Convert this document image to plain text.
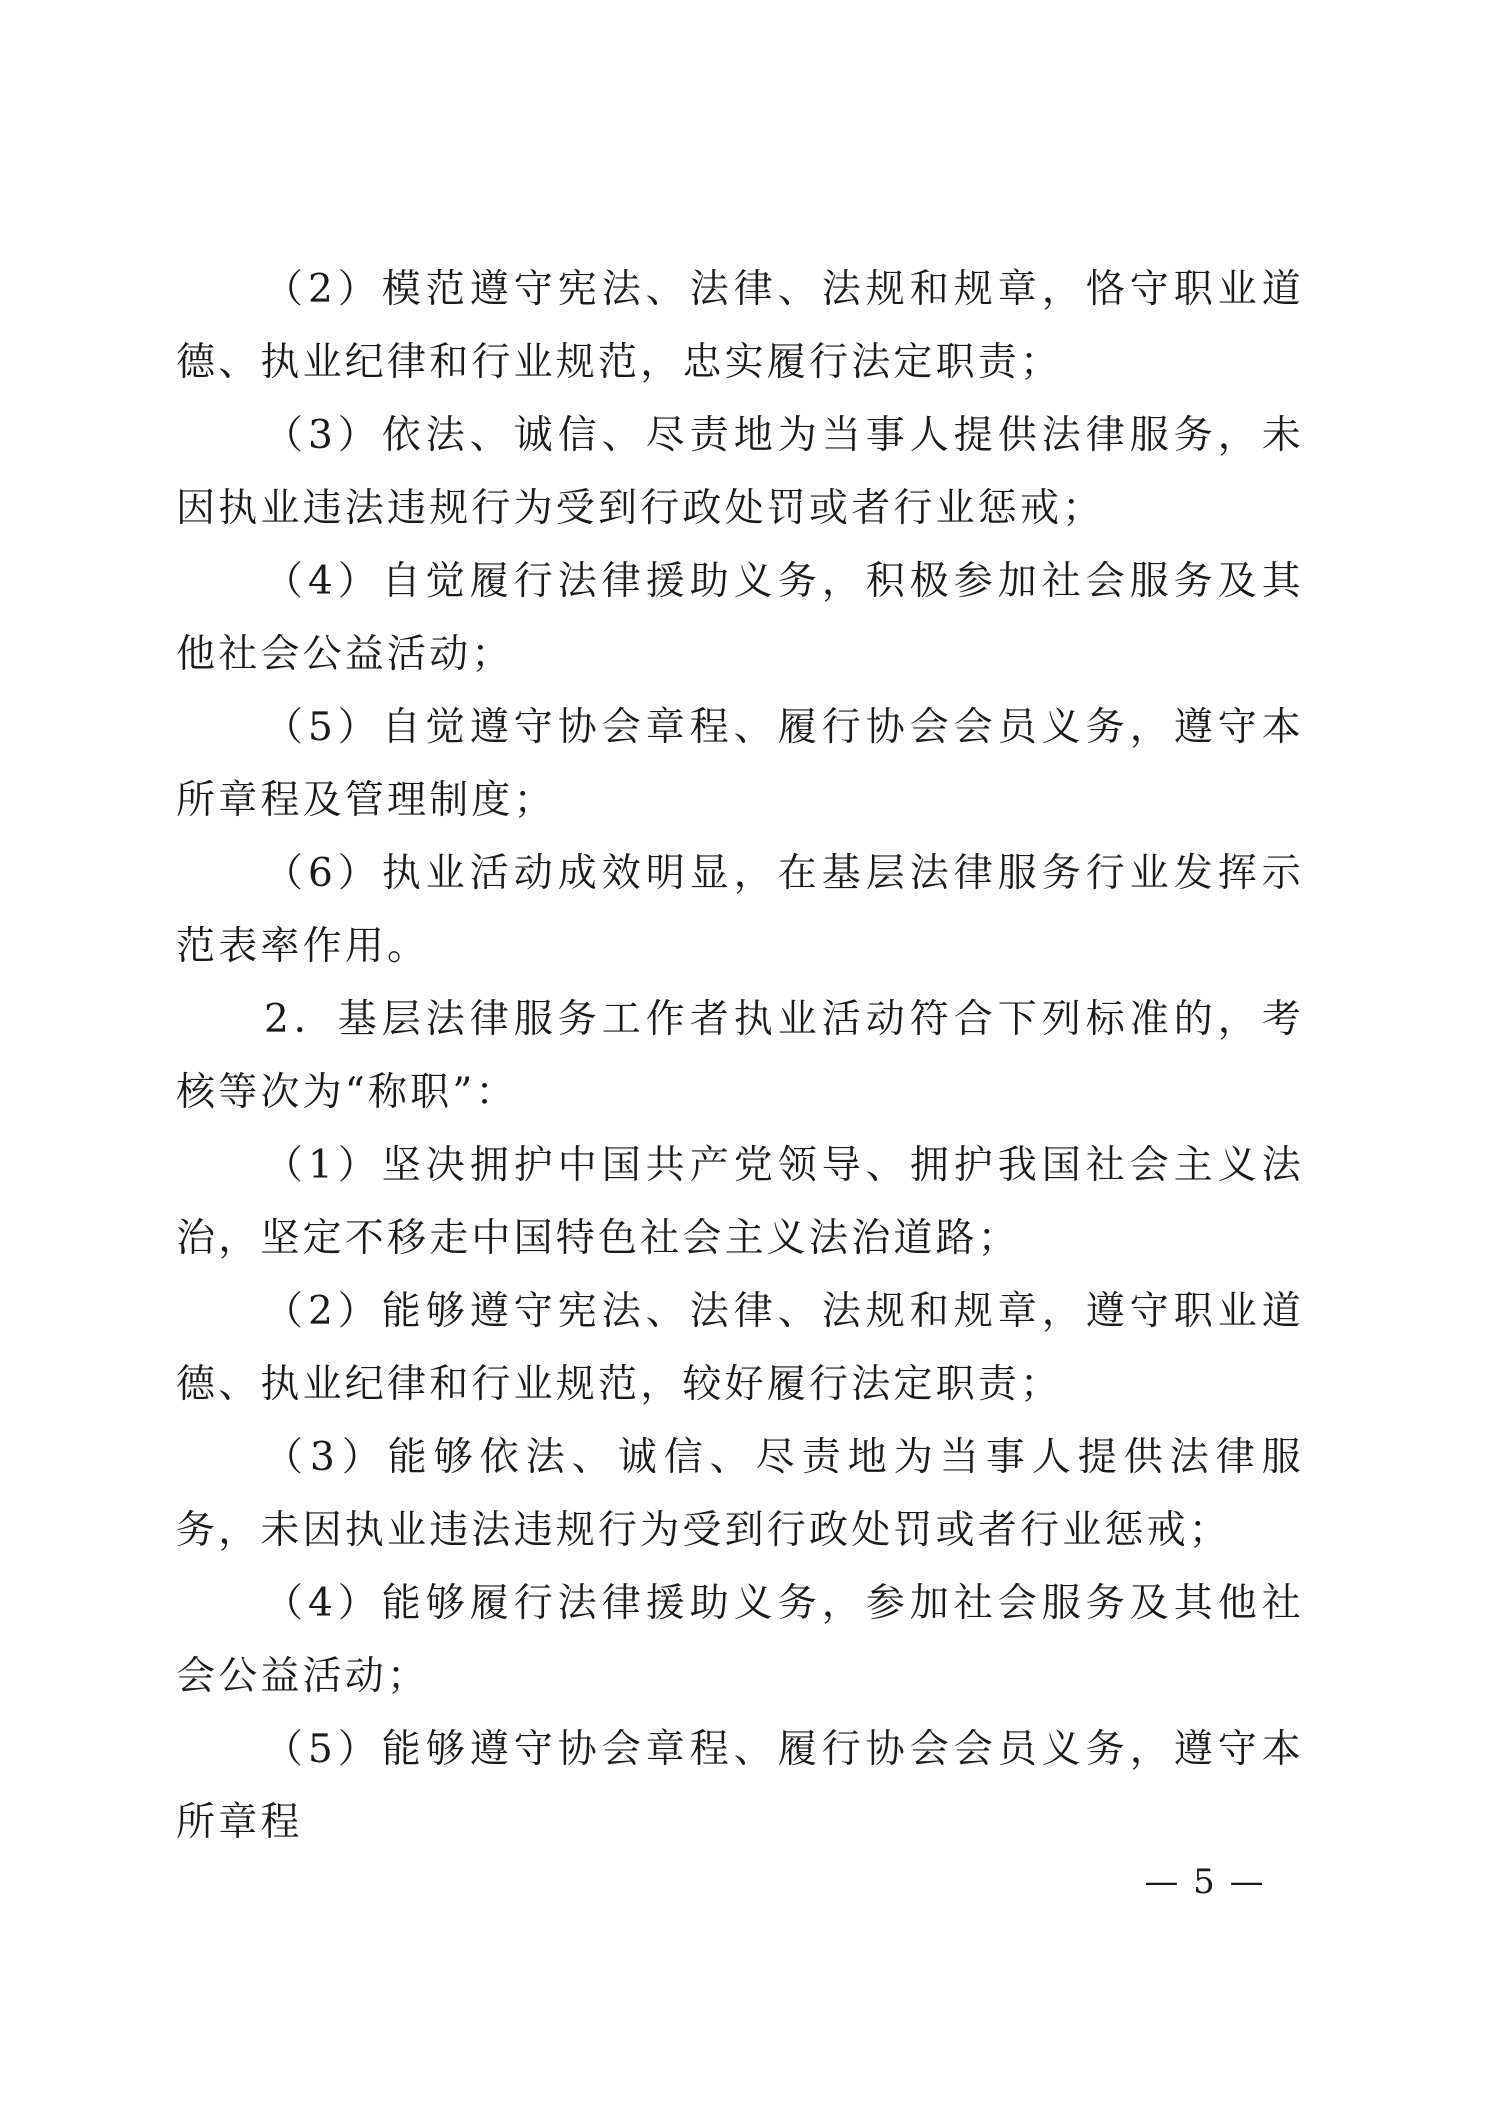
（2）模范遵守宪法、法律、法规和规章，恪守职业道德、执业纪律和行业规范，忠实履行法定职责；

（3）依法、诚信、尽责地为当事人提供法律服务，未因执业违法违规行为受到行政处罚或者行业惩戒；

（4）自觉履行法律援助义务，积极参加社会服务及其他社会公益活动；

（5）自觉遵守协会章程、履行协会会员义务，遵守本所章程及管理制度；

（6）执业活动成效明显，在基层法律服务行业发挥示范表率作用。

2．基层法律服务工作者执业活动符合下列标准的，考核等次为“称职”：

（1）坚决拥护中国共产党领导、拥护我国社会主义法治，坚定不移走中国特色社会主义法治道路；

（2）能够遵守宪法、法律、法规和规章，遵守职业道德、执业纪律和行业规范，较好履行法定职责；

（3）能够依法、诚信、尽责地为当事人提供法律服务，未因执业违法违规行为受到行政处罚或者行业惩戒；

（4）能够履行法律援助义务，参加社会服务及其他社会公益活动；

（5）能够遵守协会章程、履行协会会员义务，遵守本所章程

— 5 —
